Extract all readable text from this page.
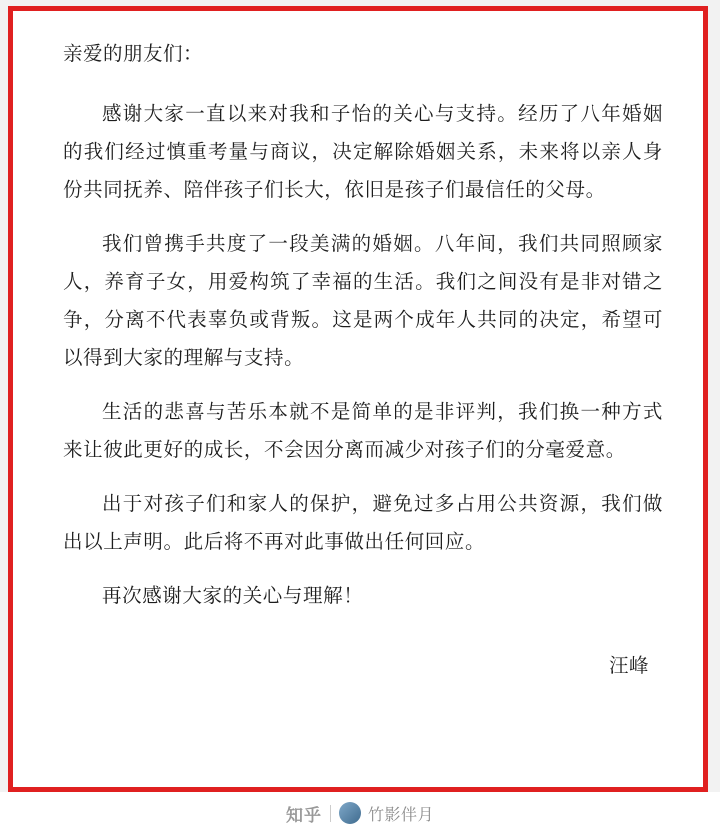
亲爱的朋友们：

感谢大家一直以来对我和子怡的关心与支持。经历了八年婚姻的我们经过慎重考量与商议，决定解除婚姻关系，未来将以亲人身份共同抚养、陪伴孩子们长大，依旧是孩子们最信任的父母。

我们曾携手共度了一段美满的婚姻。八年间，我们共同照顾家人，养育子女，用爱构筑了幸福的生活。我们之间没有是非对错之争，分离不代表辜负或背叛。这是两个成年人共同的决定，希望可以得到大家的理解与支持。

生活的悲喜与苦乐本就不是简单的是非评判，我们换一种方式来让彼此更好的成长，不会因分离而减少对孩子们的分毫爱意。

出于对孩子们和家人的保护，避免过多占用公共资源，我们做出以上声明。此后将不再对此事做出任何回应。

再次感谢大家的关心与理解！

汪峰
知乎	竹影伴月
